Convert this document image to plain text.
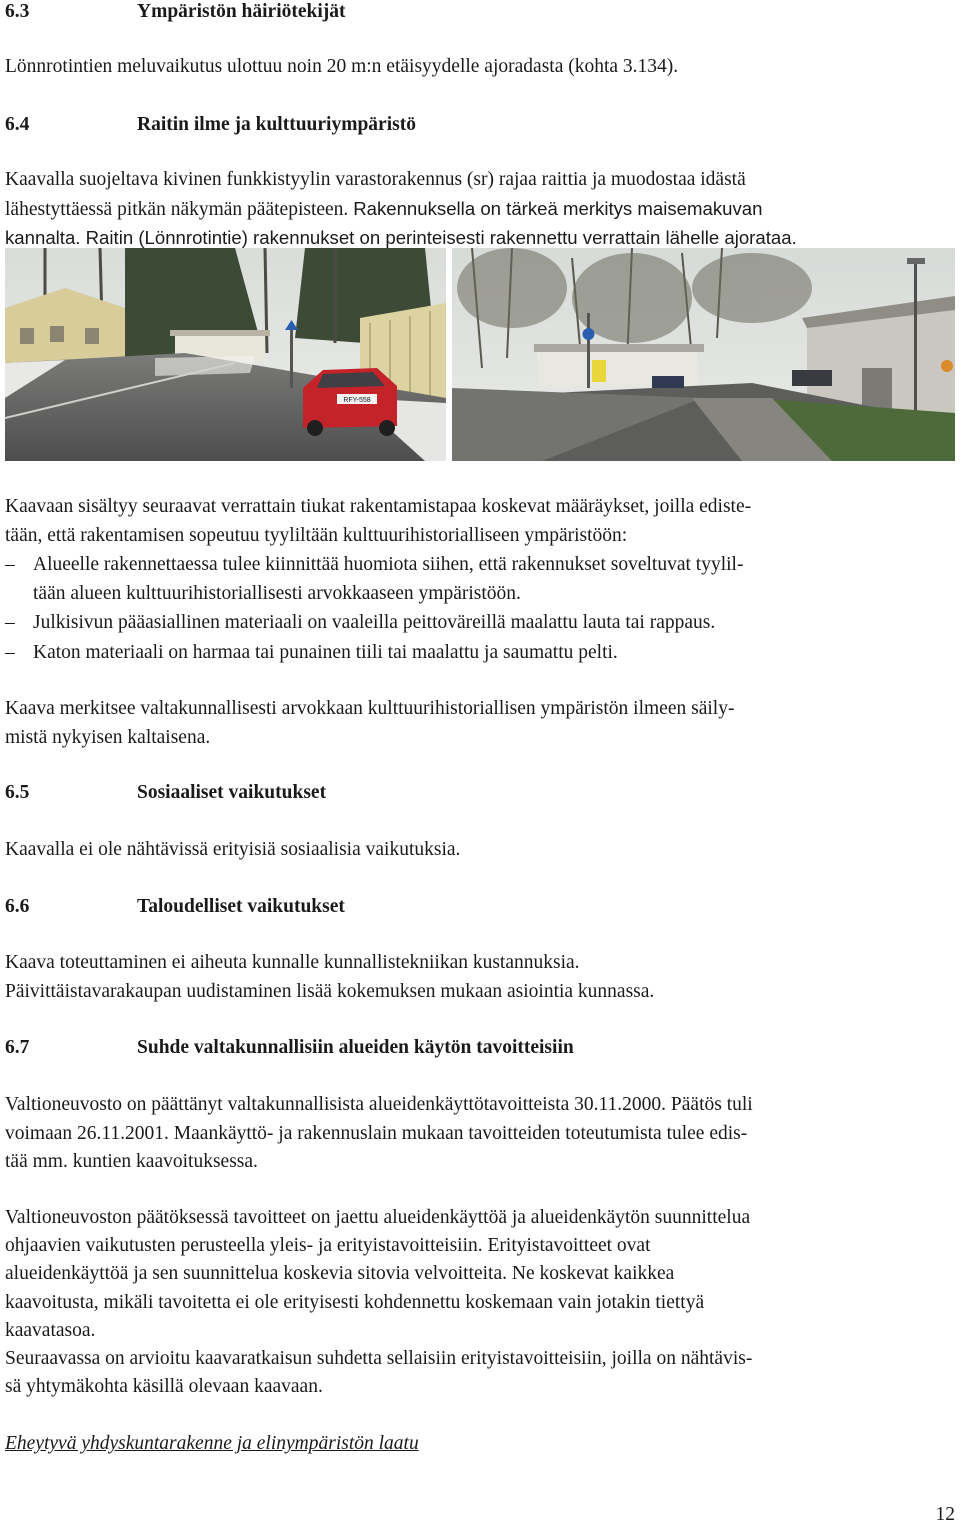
6.3	Ympäristön häiriötekijät
Lönnrotintien meluvaikutus ulottuu noin 20 m:n etäisyydelle ajoradasta (kohta 3.134).
6.4	Raitin ilme ja kulttuuriympäristö
Kaavalla suojeltava kivinen funkkistyylin varastorakennus (sr) rajaa raittia ja muodostaa idästä
lähestyttäessä pitkän näkymän päätepisteen. Rakennuksella on tärkeä merkitys maisemakuvan
kannalta. Raitin (Lönnrotintie) rakennukset on perinteisesti rakennettu verrattain lähelle ajorataa.
RFY-558
Kaavaan sisältyy seuraavat verrattain tiukat rakentamistapaa koskevat määräykset, joilla ediste-
tään, että rakentamisen sopeutuu tyyliltään kulttuurihistorialliseen ympäristöön:
– Alueelle rakennettaessa tulee kiinnittää huomiota siihen, että rakennukset soveltuvat tyylil-
tään alueen kulttuurihistoriallisesti arvokkaaseen ympäristöön.
– Julkisivun pääasiallinen materiaali on vaaleilla peittoväreillä maalattu lauta tai rappaus.
– Katon materiaali on harmaa tai punainen tiili tai maalattu ja saumattu pelti.
Kaava merkitsee valtakunnallisesti arvokkaan kulttuurihistoriallisen ympäristön ilmeen säily-
mistä nykyisen kaltaisena.
6.5	Sosiaaliset vaikutukset
Kaavalla ei ole nähtävissä erityisiä sosiaalisia vaikutuksia.
6.6	Taloudelliset vaikutukset
Kaava toteuttaminen ei aiheuta kunnalle kunnallistekniikan kustannuksia.
Päivittäistavarakaupan uudistaminen lisää kokemuksen mukaan asiointia kunnassa.
6.7	Suhde valtakunnallisiin alueiden käytön tavoitteisiin
Valtioneuvosto on päättänyt valtakunnallisista alueidenkäyttötavoitteista 30.11.2000. Päätös tuli
voimaan 26.11.2001. Maankäyttö- ja rakennuslain mukaan tavoitteiden toteutumista tulee edis-
tää mm. kuntien kaavoituksessa.
Valtioneuvoston päätöksessä tavoitteet on jaettu alueidenkäyttöä ja alueidenkäytön suunnittelua
ohjaavien vaikutusten perusteella yleis- ja erityistavoitteisiin. Erityistavoitteet ovat
alueidenkäyttöä ja sen suunnittelua koskevia sitovia velvoitteita. Ne koskevat kaikkea
kaavoitusta, mikäli tavoitetta ei ole erityisesti kohdennettu koskemaan vain jotakin tiettyä
kaavatasoa.
Seuraavassa on arvioitu kaavaratkaisun suhdetta sellaisiin erityistavoitteisiin, joilla on nähtävis-
sä yhtymäkohta käsillä olevaan kaavaan.
Eheytyvä yhdyskuntarakenne ja elinympäristön laatu
12
